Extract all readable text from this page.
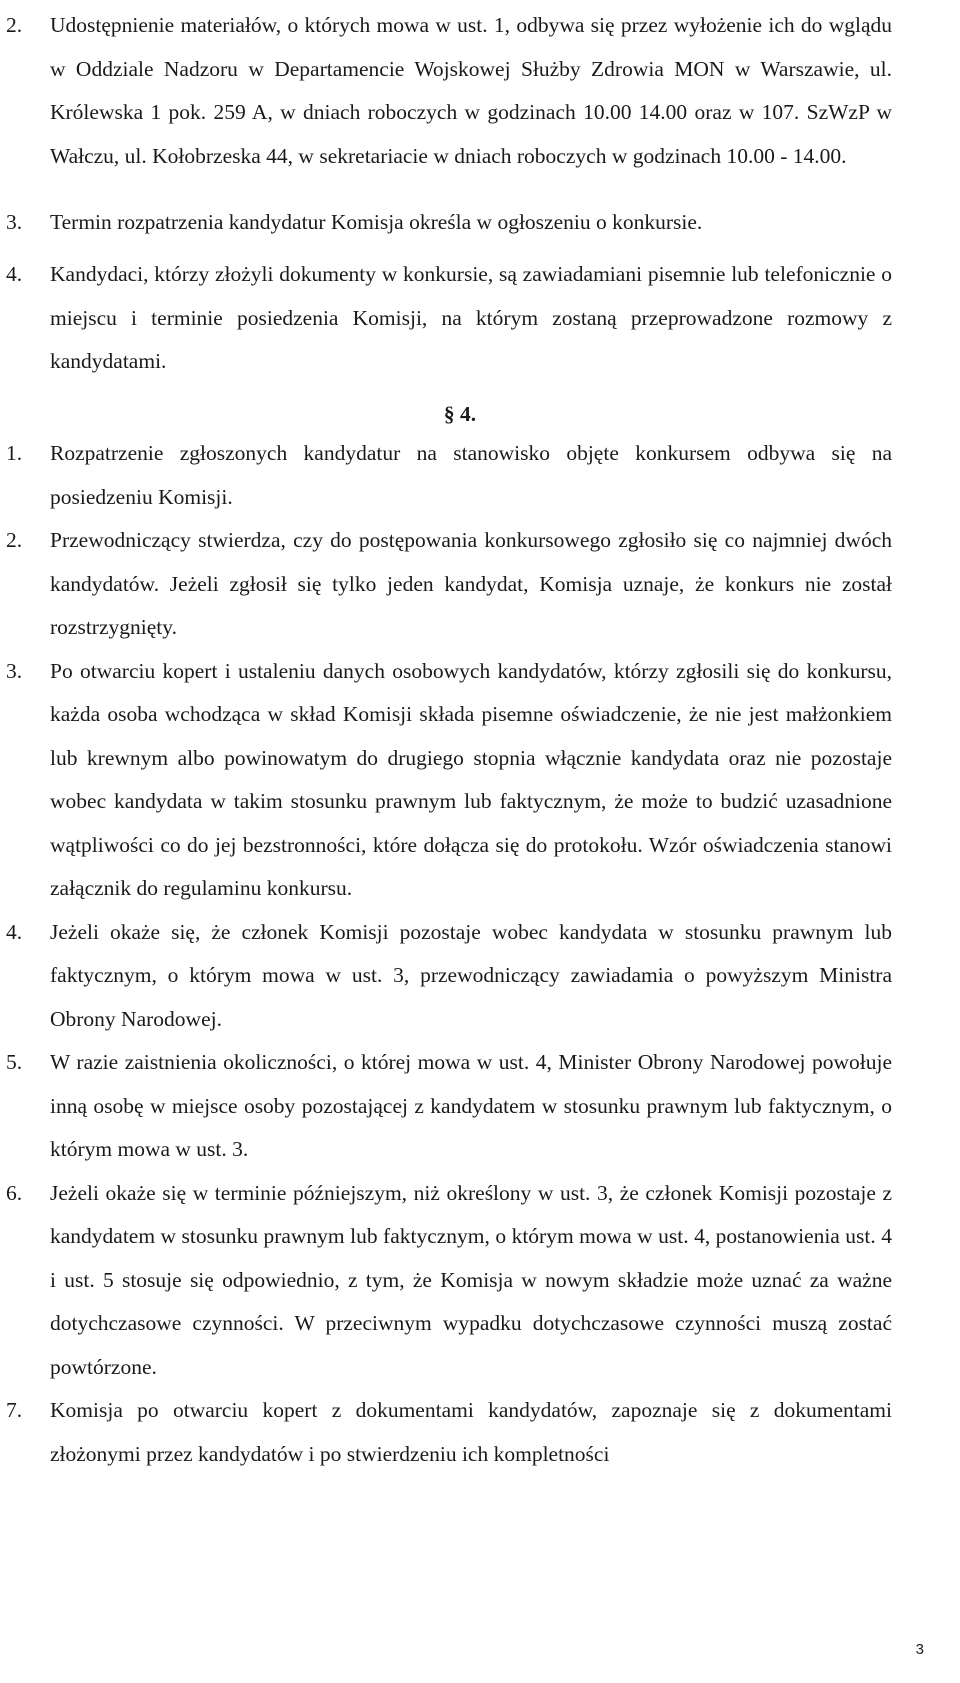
2. Udostępnienie materiałów, o których mowa w ust. 1, odbywa się przez wyłożenie ich do wglądu w Oddziale Nadzoru w Departamencie Wojskowej Służby Zdrowia MON w Warszawie, ul. Królewska 1 pok. 259 A, w dniach roboczych w godzinach 10.00 14.00 oraz w 107. SzWzP w Wałczu, ul. Kołobrzeska 44, w sekretariacie w dniach roboczych w godzinach 10.00 - 14.00.
3. Termin rozpatrzenia kandydatur Komisja określa w ogłoszeniu o konkursie.
4. Kandydaci, którzy złożyli dokumenty w konkursie, są zawiadamiani pisemnie lub telefonicznie o miejscu i terminie posiedzenia Komisji, na którym zostaną przeprowadzone rozmowy z kandydatami.
§ 4.
1. Rozpatrzenie zgłoszonych kandydatur na stanowisko objęte konkursem odbywa się na posiedzeniu Komisji.
2. Przewodniczący stwierdza, czy do postępowania konkursowego zgłosiło się co najmniej dwóch kandydatów. Jeżeli zgłosił się tylko jeden kandydat, Komisja uznaje, że konkurs nie został rozstrzygnięty.
3. Po otwarciu kopert i ustaleniu danych osobowych kandydatów, którzy zgłosili się do konkursu, każda osoba wchodząca w skład Komisji składa pisemne oświadczenie, że nie jest małżonkiem lub krewnym albo powinowatym do drugiego stopnia włącznie kandydata oraz nie pozostaje wobec kandydata w takim stosunku prawnym lub faktycznym, że może to budzić uzasadnione wątpliwości co do jej bezstronności, które dołącza się do protokołu. Wzór oświadczenia stanowi załącznik do regulaminu konkursu.
4. Jeżeli okaże się, że członek Komisji pozostaje wobec kandydata w stosunku prawnym lub faktycznym, o którym mowa w ust. 3, przewodniczący zawiadamia o powyższym Ministra Obrony Narodowej.
5. W razie zaistnienia okoliczności, o której mowa w ust. 4, Minister Obrony Narodowej powołuje inną osobę w miejsce osoby pozostającej z kandydatem w stosunku prawnym lub faktycznym, o którym mowa w ust. 3.
6. Jeżeli okaże się w terminie późniejszym, niż określony w ust. 3, że członek Komisji pozostaje z kandydatem w stosunku prawnym lub faktycznym, o którym mowa w ust. 4, postanowienia ust. 4 i ust. 5 stosuje się odpowiednio, z tym, że Komisja w nowym składzie może uznać za ważne dotychczasowe czynności. W przeciwnym wypadku dotychczasowe czynności muszą zostać powtórzone.
7. Komisja po otwarciu kopert z dokumentami kandydatów, zapoznaje się z dokumentami złożonymi przez kandydatów i po stwierdzeniu ich kompletności
3
